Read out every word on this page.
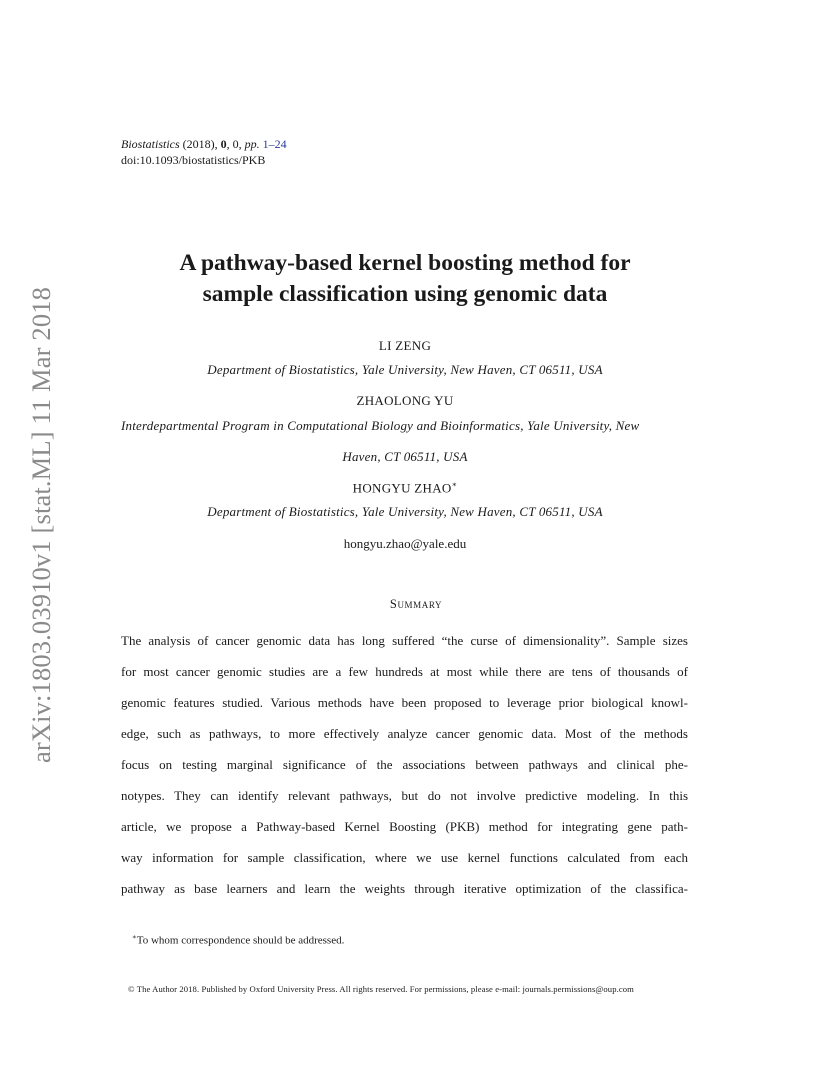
arXiv:1803.03910v1 [stat.ML] 11 Mar 2018
Biostatistics (2018), 0, 0, pp. 1–24
doi:10.1093/biostatistics/PKB
A pathway-based kernel boosting method for
sample classification using genomic data
LI ZENG
Department of Biostatistics, Yale University, New Haven, CT 06511, USA
ZHAOLONG YU
Interdepartmental Program in Computational Biology and Bioinformatics, Yale University, New
Haven, CT 06511, USA
HONGYU ZHAO∗
Department of Biostatistics, Yale University, New Haven, CT 06511, USA
hongyu.zhao@yale.edu
Summary
The analysis of cancer genomic data has long suffered “the curse of dimensionality”. Sample sizes
for most cancer genomic studies are a few hundreds at most while there are tens of thousands of
genomic features studied. Various methods have been proposed to leverage prior biological knowl-
edge, such as pathways, to more effectively analyze cancer genomic data. Most of the methods
focus on testing marginal significance of the associations between pathways and clinical phe-
notypes. They can identify relevant pathways, but do not involve predictive modeling. In this
article, we propose a Pathway-based Kernel Boosting (PKB) method for integrating gene path-
way information for sample classification, where we use kernel functions calculated from each
pathway as base learners and learn the weights through iterative optimization of the classifica-
∗To whom correspondence should be addressed.
© The Author 2018. Published by Oxford University Press. All rights reserved. For permissions, please e-mail: journals.permissions@oup.com
